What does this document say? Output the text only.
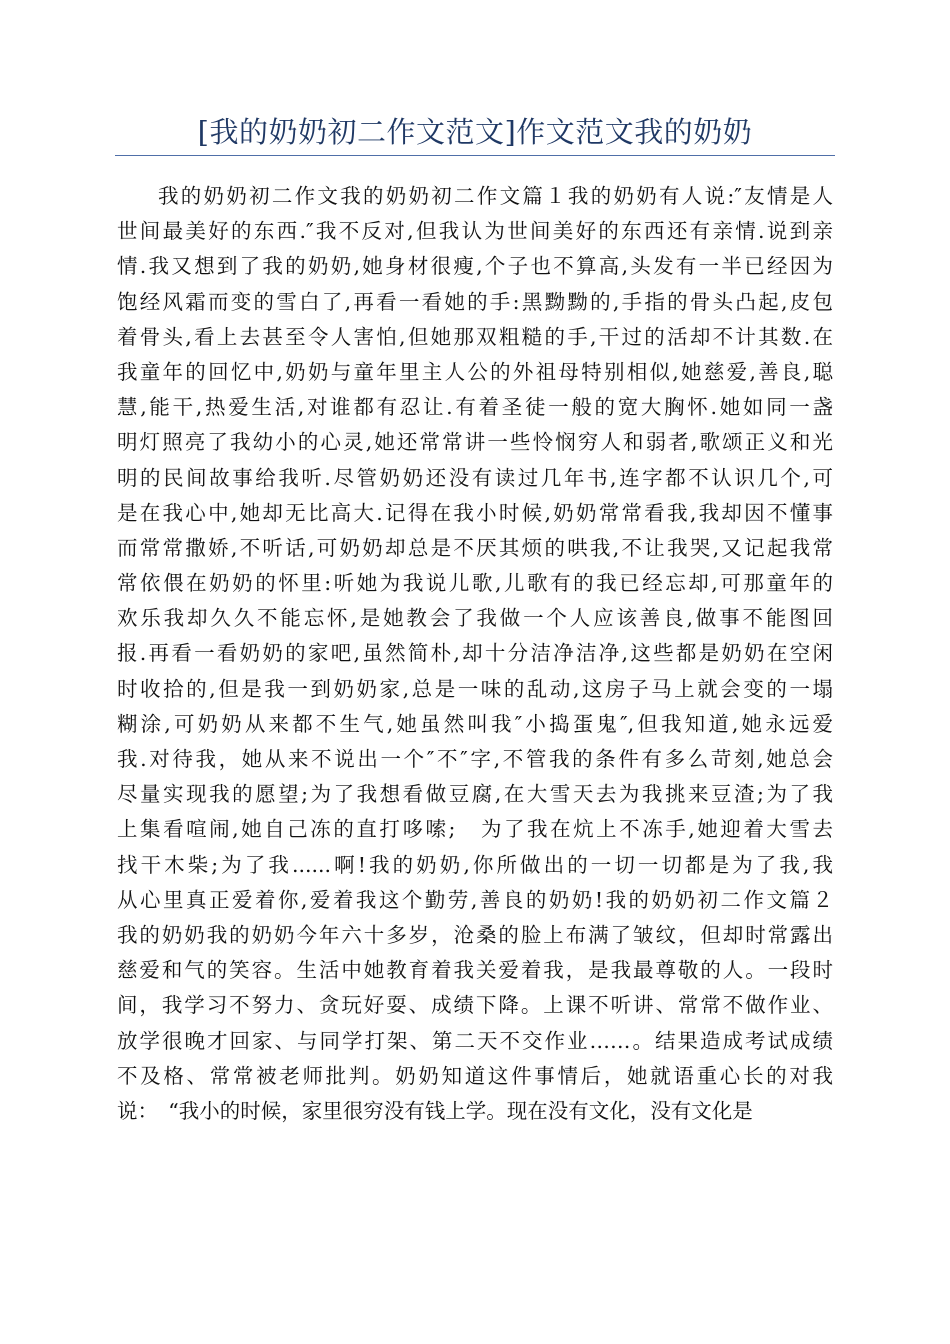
[我的奶奶初二作文范文]作文范文我的奶奶
我的奶奶初二作文我的奶奶初二作文篇１我的奶奶有人说:″友情是人
世间最美好的东西.″我不反对,但我认为世间美好的东西还有亲情.说到亲
情.我又想到了我的奶奶,她身材很瘦,个子也不算高,头发有一半已经因为
饱经风霜而变的雪白了,再看一看她的手:黑黝黝的,手指的骨头凸起,皮包
着骨头,看上去甚至令人害怕,但她那双粗糙的手,干过的活却不计其数.在
我童年的回忆中,奶奶与童年里主人公的外祖母特别相似,她慈爱,善良,聪
慧,能干,热爱生活,对谁都有忍让.有着圣徒一般的宽大胸怀.她如同一盏
明灯照亮了我幼小的心灵,她还常常讲一些怜悯穷人和弱者,歌颂正义和光
明的民间故事给我听.尽管奶奶还没有读过几年书,连字都不认识几个,可
是在我心中,她却无比高大.记得在我小时候,奶奶常常看我,我却因不懂事
而常常撒娇,不听话,可奶奶却总是不厌其烦的哄我,不让我哭,又记起我常
常依偎在奶奶的怀里:听她为我说儿歌,儿歌有的我已经忘却,可那童年的
欢乐我却久久不能忘怀,是她教会了我做一个人应该善良,做事不能图回
报.再看一看奶奶的家吧,虽然简朴,却十分洁净洁净,这些都是奶奶在空闲
时收拾的,但是我一到奶奶家,总是一味的乱动,这房子马上就会变的一塌
糊涂,可奶奶从来都不生气,她虽然叫我″小捣蛋鬼″,但我知道,她永远爱
我.对待我，她从来不说出一个″不″字,不管我的条件有多么苛刻,她总会
尽量实现我的愿望;为了我想看做豆腐,在大雪天去为我挑来豆渣;为了我
上集看喧闹,她自己冻的直打哆嗦;　为了我在炕上不冻手,她迎着大雪去
找干木柴;为了我......啊!我的奶奶,你所做出的一切一切都是为了我,我
从心里真正爱着你,爱着我这个勤劳,善良的奶奶!我的奶奶初二作文篇２
我的奶奶我的奶奶今年六十多岁，沧桑的脸上布满了皱纹，但却时常露出
慈爱和气的笑容。生活中她教育着我关爱着我，是我最尊敬的人。一段时
间，我学习不努力、贪玩好耍、成绩下降。上课不听讲、常常不做作业、
放学很晚才回家、与同学打架、第二天不交作业……。结果造成考试成绩
不及格、常常被老师批判。奶奶知道这件事情后，她就语重心长的对我
说：　“我小的时候，家里很穷没有钱上学。现在没有文化，没有文化是
